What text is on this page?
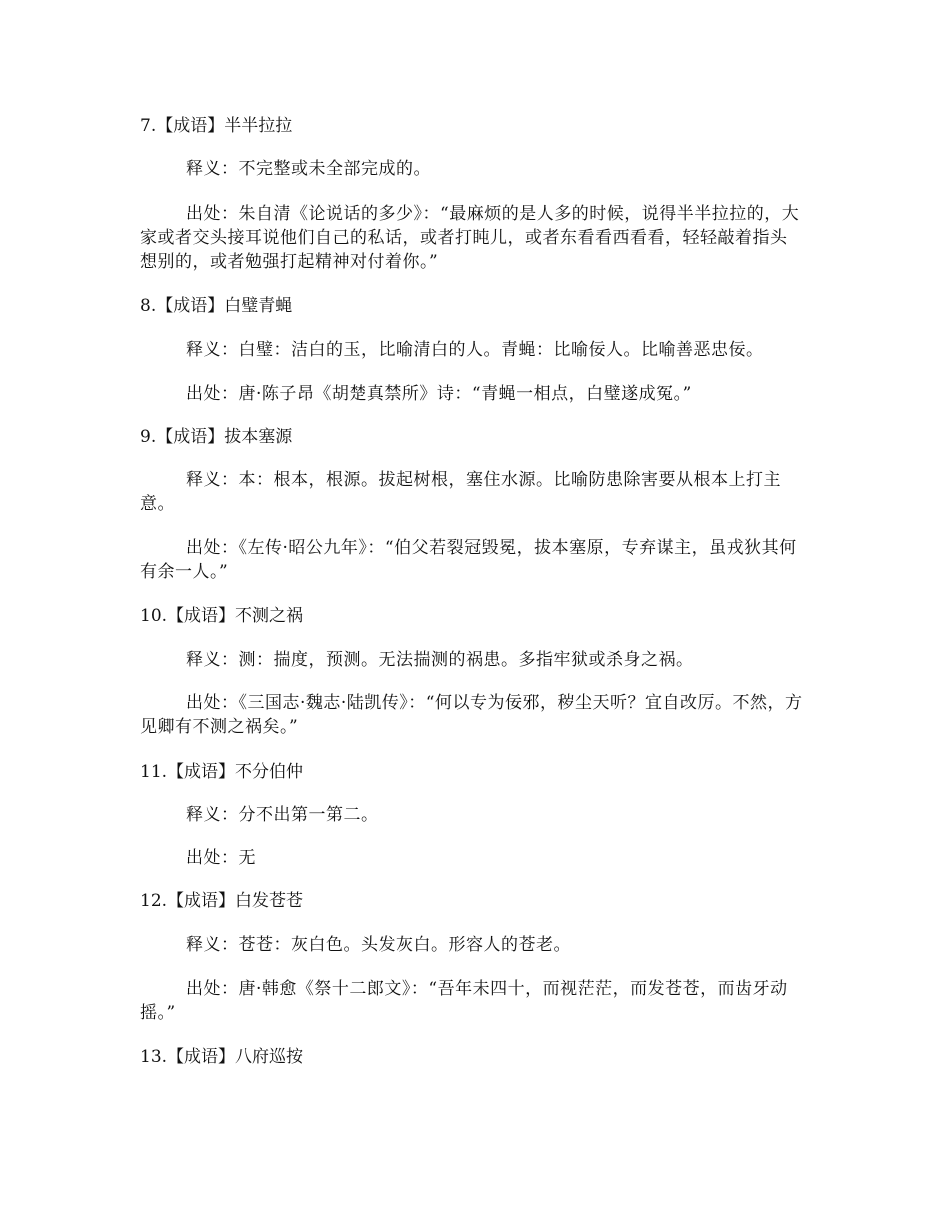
7.【成语】半半拉拉
释义：不完整或未全部完成的。
出处：朱自清《论说话的多少》：“最麻烦的是人多的时候，说得半半拉拉的，大家或者交头接耳说他们自己的私话，或者打盹儿，或者东看看西看看，轻轻敲着指头想别的，或者勉强打起精神对付着你。”
8.【成语】白璧青蝇
释义：白璧：洁白的玉，比喻清白的人。青蝇：比喻佞人。比喻善恶忠佞。
出处：唐·陈子昂《胡楚真禁所》诗：“青蝇一相点，白璧遂成冤。”
9.【成语】拔本塞源
释义：本：根本，根源。拔起树根，塞住水源。比喻防患除害要从根本上打主意。
出处：《左传·昭公九年》：“伯父若裂冠毁冕，拔本塞原，专弃谋主，虽戎狄其何有余一人。”
10.【成语】不测之祸
释义：测：揣度，预测。无法揣测的祸患。多指牢狱或杀身之祸。
出处：《三国志·魏志·陆凯传》：“何以专为佞邪，秽尘天听？宜自改厉。不然，方见卿有不测之祸矣。”
11.【成语】不分伯仲
释义：分不出第一第二。
出处：无
12.【成语】白发苍苍
释义：苍苍：灰白色。头发灰白。形容人的苍老。
出处：唐·韩愈《祭十二郎文》：“吾年未四十，而视茫茫，而发苍苍，而齿牙动摇。”
13.【成语】八府巡按
